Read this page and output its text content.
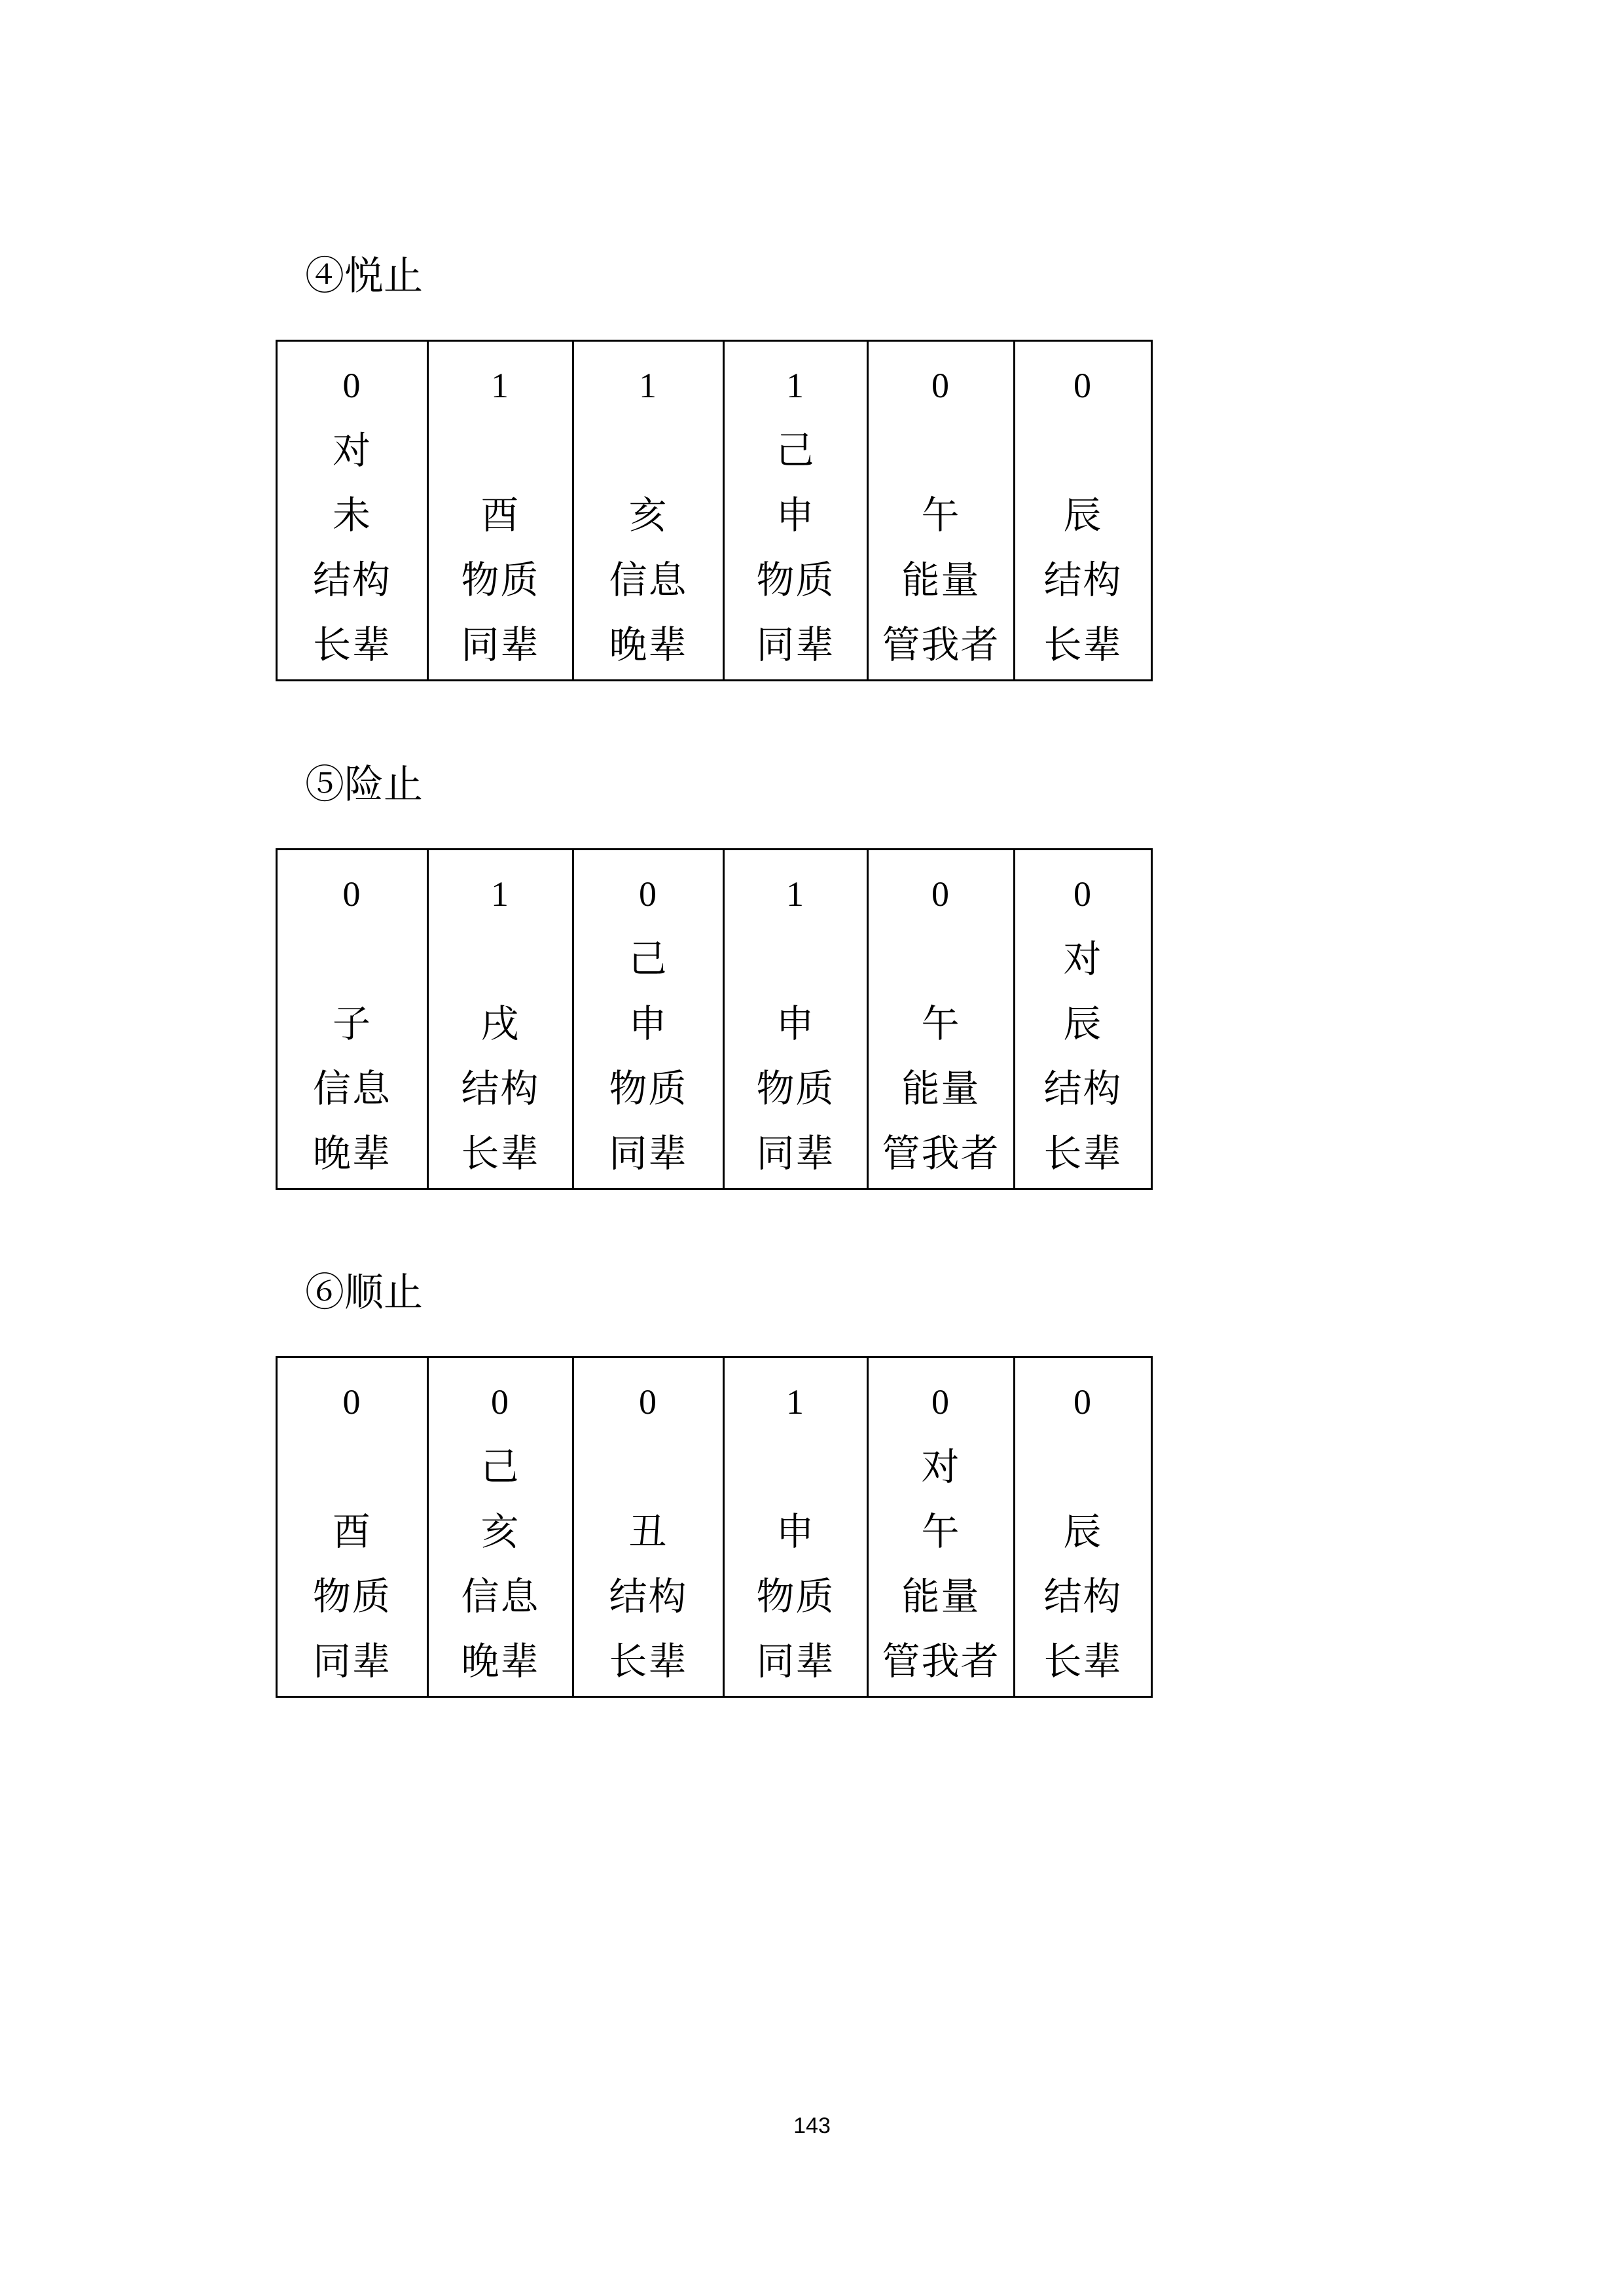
④悦止
0
对
未
结构
长辈
1
酉
物质
同辈
1
亥
信息
晚辈
1
己
申
物质
同辈
0
午
能量
管我者
0
辰
结构
长辈
⑤险止
0
子
信息
晚辈
1
戌
结构
长辈
0
己
申
物质
同辈
1
申
物质
同辈
0
午
能量
管我者
0
对
辰
结构
长辈
⑥顺止
0
酉
物质
同辈
0
己
亥
信息
晚辈
0
丑
结构
长辈
1
申
物质
同辈
0
对
午
能量
管我者
0
辰
结构
长辈
143
